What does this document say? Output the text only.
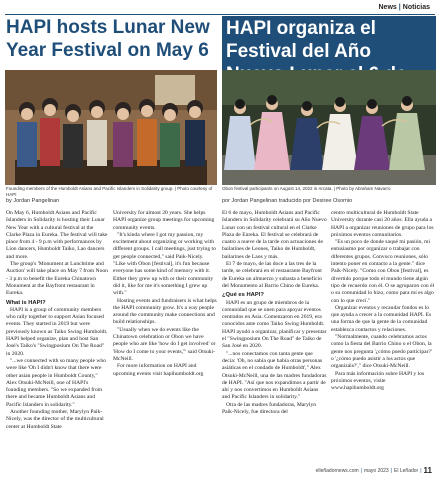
News | Noticias
HAPI hosts Lunar New Year Festival on May 6
HAPI organiza el Festival del Año
Founding members of the Humboldt Asians and Pacific Islanders in Solidarity group. | Photo courtesy of HAPI
Obon festival participants on August 14, 2022 in Arcata. | Photo by Abraham Navarro
by Jordan Pangelinan	por Jordan Pangelinan traducido por Desiree Osornio

On May 6, Humboldt Asians and Pacific Islanders in Solidarity is hosting their Lunar New Year with a cultural festival at the Clarke Plaza in Eureka. The festival will take place from 4 - 9 p.m with performances by Lion dancers, Humboldt Taiko, Lao dancers and more.

The group's 'Monument at Lunchtime and Auction' will take place on May 7 from Noon - 3 p.m to benefit the Eureka Chinatown Monument at the Bayfront restaurant in Eureka.

What is HAPI?

HAPI is a group of community members who rally together to support Asian focused events. They started in 2019 but were previously known as Taiko Swing Humboldt. HAPI helped organize, plan and host San José's Taiko's "Swingposium On The Road" in 2020.

"...we connected with so many people who were like 'Oh I didn't know that there were other asian people in Humboldt County," Alex Otsuki-McNeill, one of HAPI's founding members. "So we expanded from there and became Humboldt Asians and Pacific Islanders in solidarity."

Another founding mother, Marylyn Paik-Nicely, was the director of the multicultural center at Humboldt State

University for almost 20 years. She helps HAPI organize group meetings for upcoming community events.

"It's kinda where I got my passion, my excitement about organizing or working with different groups. I call meetings, just trying to get people connected," said Paik-Nicely. "Like with Obon [festival], it's fun because everyone has some kind of memory with it. Either they grew up with or their community did it, like for me it's something I grew up with."

Hosting events and fundraisers is what helps the HAPI community grow. It's a way people around the community make connections and build relationships.

"Usually when we do events like the Chinatown celebration or Obon we have people who are like 'how do I get involved' or 'How do I come to your events,'" said Otsuki-McNeill.

For more information on HAPI and upcoming events visit hapihumboldt.org

El 6 de mayo, Humboldt Asians and Pacific Islanders in Solidarity celebrará su Año Nuevo Lunar con un festival cultural en el Clarke Plaza de Eureka. El festival se celebrará de cuatro a nueve de la tarde con actuaciones de bailarines de Leones, Taiko de Humboldt, bailarines de Laos y más.

El 7 de mayo, de las doce a las tres de la tarde, se celebrará en el restaurante Bayfront de Eureka un almuerzo y subasta a beneficio del Monumento al Barrio Chino de Eureka.

¿Qué es HAPI?

HAPI es un grupo de miembros de la comunidad que se unen para apoyar eventos centrados en Asia. Comenzaron en 2019, era conocidos ante como Taiko Swing Humboldt. HAPI ayudó a organizar, planificar y presentar el "Swingposium On The Road" de Taiko de San José en 2020.

"...nos conectamos con tanta gente que decía: 'Oh, no sabía que había otras personas asiáticas en el condado de Humboldt'," Alex Otsuki-McNeill, una de las madres fundadoras de HAPI. "Así que nos expandimos a partir de ahí y nos convertimos en Humboldt Asians and Pacific Islanders in solidarity."

Otra de las madres fundadoras, Marylyn Paik-Nicely, fue directora del

centro multicultural de Humboldt State University durante casi 20 años. Ella ayuda a HAPI a organizar reuniones de grupo para los próximos eventos comunitarios.

"Es un poco de donde saqué mi pasión, mi entusiasmo por organizar o trabajar con diferentes grupos. Convoco reuniones, sólo intento poner en contacto a la gente." dice Paik-Nicely. "Como con Obon [festival], es divertido porque todo el mundo tiene algún tipo de recuerdo con él. O se agruparon con él o su comunidad lo hizo, como para mí es algo con lo que crecí."

Organizar eventos y recaudar fondos es lo que ayuda a crecer a la comunidad HAPI. Es una forma de que la gente de la comunidad establezca contactos y relaciones.

"Normalmente, cuando celebramos actos como la fiesta del Barrio Chino o el Obon, la gente nos pregunta '¿cómo puedo participar?' o '¿cómo puedo asistir a los actos que organizáis?'," dice Otsuki-McNeill.

Para más información sobre HAPI y los próximos eventos, visite www.hapihumboldt.org

elleñadornews.com | mayo 2023 | El Leñador | 11
